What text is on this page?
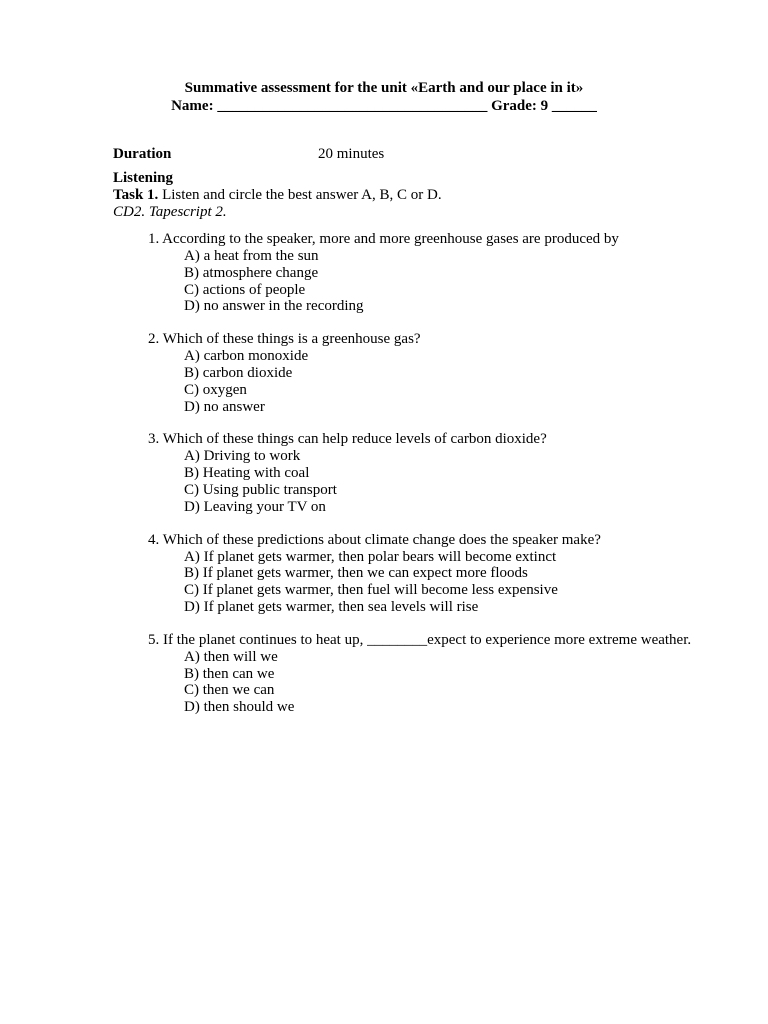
Summative assessment for the unit «Earth and our place in it»
Name: ____________________________________ Grade: 9 ______
Duration	20 minutes
Listening
Task 1. Listen and circle the best answer A, B, C or D.
CD2. Tapescript 2.
1. According to the speaker, more and more greenhouse gases are produced by
A) a heat from the sun
B) atmosphere change
C) actions of people
D) no answer in the recording
2. Which of these things is a greenhouse gas?
A) carbon monoxide
B) carbon dioxide
C) oxygen
D) no answer
3. Which of these things can help reduce levels of carbon dioxide?
A) Driving to work
B) Heating with coal
C) Using public transport
D) Leaving your TV on
4. Which of these predictions about climate change does the speaker make?
A) If planet gets warmer, then polar bears will become extinct
B) If planet gets warmer, then we can expect more floods
C) If planet gets warmer, then fuel will become less expensive
D) If planet gets warmer, then sea levels will rise
5. If the planet continues to heat up, ________expect to experience more extreme weather.
A) then will we
B) then can we
C) then we can
D) then should we
